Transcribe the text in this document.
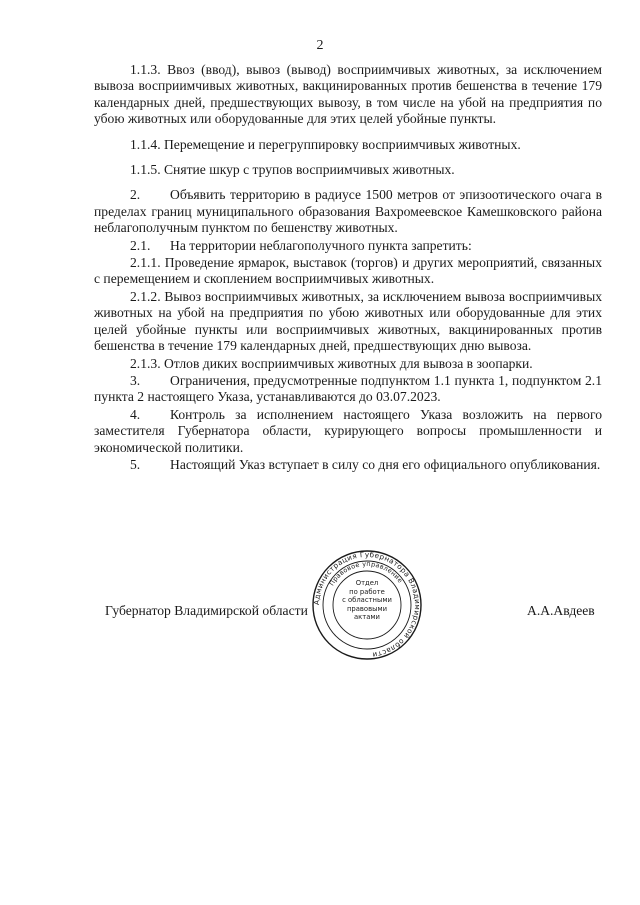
2

1.1.3. Ввоз (ввод), вывоз (вывод) восприимчивых животных, за исключением вывоза восприимчивых животных, вакцинированных против бешенства в течение 179 календарных дней, предшествующих вывозу, в том числе на убой на предприятия по убою животных или оборудованные для этих целей убойные пункты.

1.1.4. Перемещение и перегруппировку восприимчивых животных.

1.1.5. Снятие шкур с трупов восприимчивых животных.

2. Объявить территорию в радиусе 1500 метров от эпизоотического очага в пределах границ муниципального образования Вахромеевское Камешковского района неблагополучным пунктом по бешенству животных.

2.1. На территории неблагополучного пункта запретить:

2.1.1. Проведение ярмарок, выставок (торгов) и других мероприятий, связанных с перемещением и скоплением восприимчивых животных.

2.1.2. Вывоз восприимчивых животных, за исключением вывоза восприимчивых животных на убой на предприятия по убою животных или оборудованные для этих целей убойные пункты или восприимчивых животных, вакцинированных против бешенства в течение 179 календарных дней, предшествующих дню вывоза.

2.1.3. Отлов диких восприимчивых животных для вывоза в зоопарки.

3. Ограничения, предусмотренные подпунктом 1.1 пункта 1, подпунктом 2.1 пункта 2 настоящего Указа, устанавливаются до 03.07.2023.

4. Контроль за исполнением настоящего Указа возложить на первого заместителя Губернатора области, курирующего вопросы промышленности и экономической политики.

5. Настоящий Указ вступает в силу со дня его официального опубликования.

Губернатор Владимирской области
Администрация Губернатора Владимирской области
Правовое управление
Отдел
по работе
с областными
правовыми
актами	А.А.Авдеев
